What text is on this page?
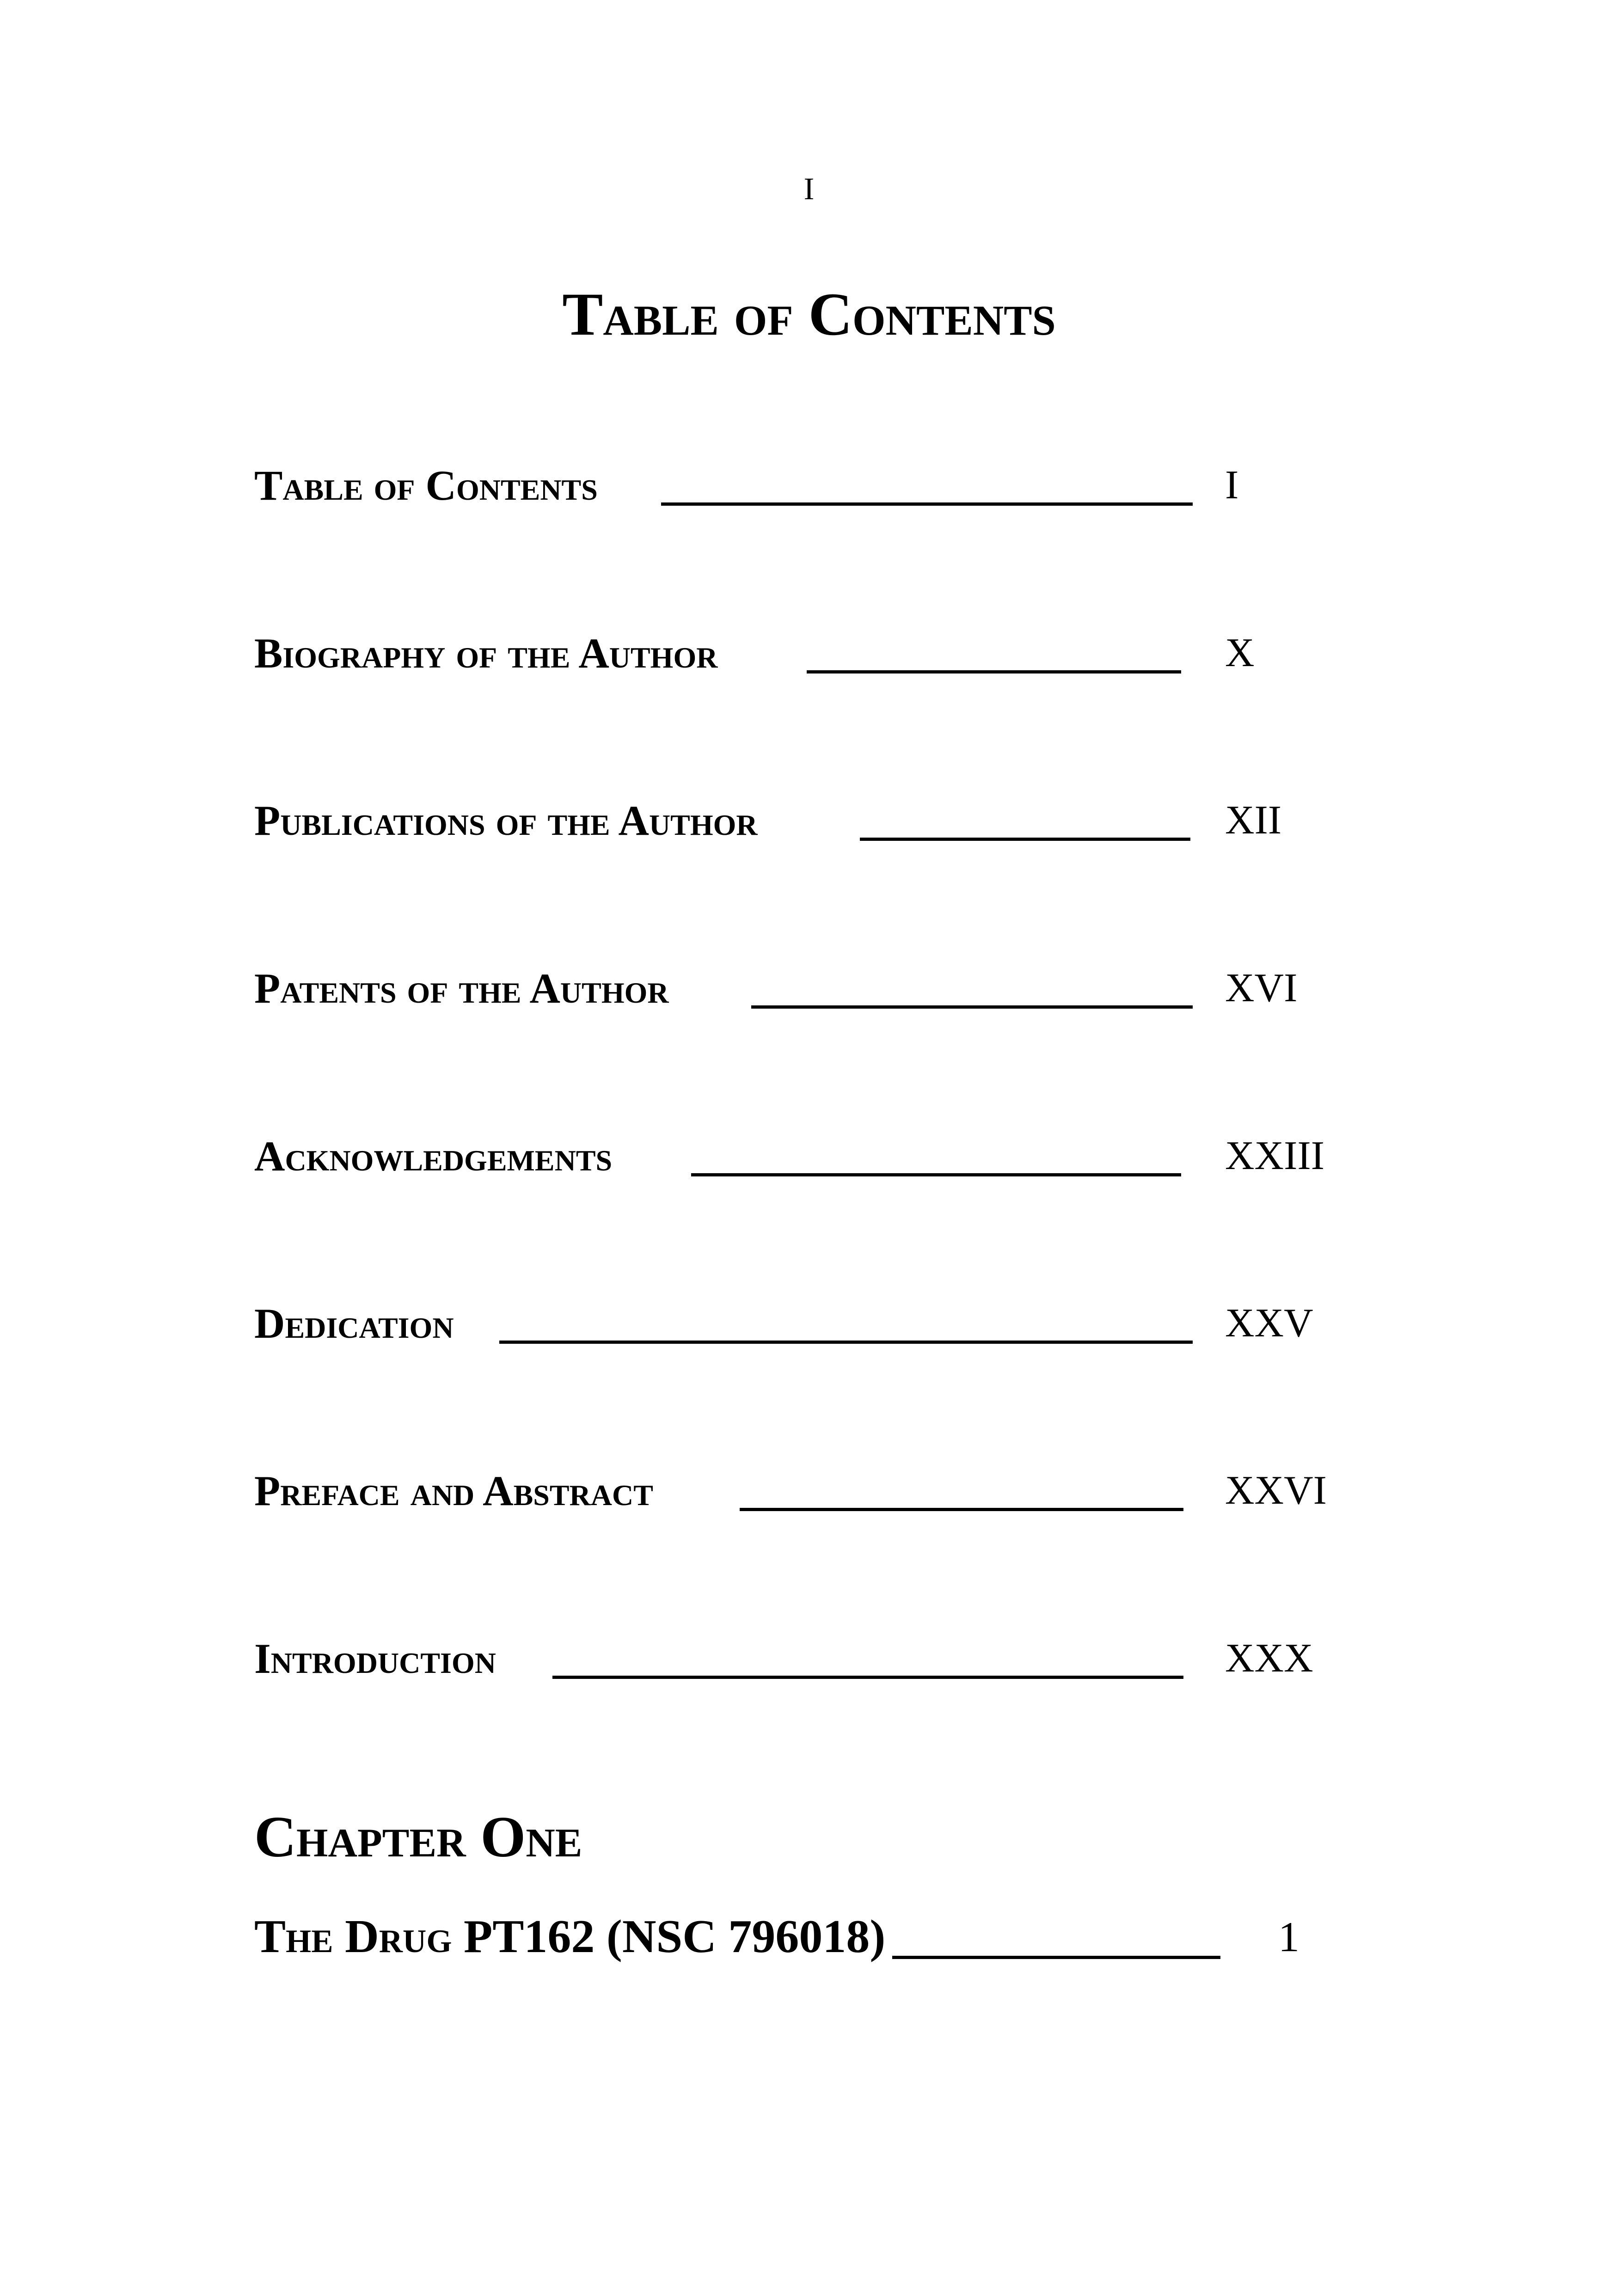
I
Table of Contents
Table of Contents	I
Biography of the Author	X
Publications of the Author	XII
Patents of the Author	XVI
Acknowledgements	XXIII
Dedication	XXV
Preface and Abstract	XXVI
Introduction	XXX
Chapter One
The Drug PT162 (NSC 796018)	1
